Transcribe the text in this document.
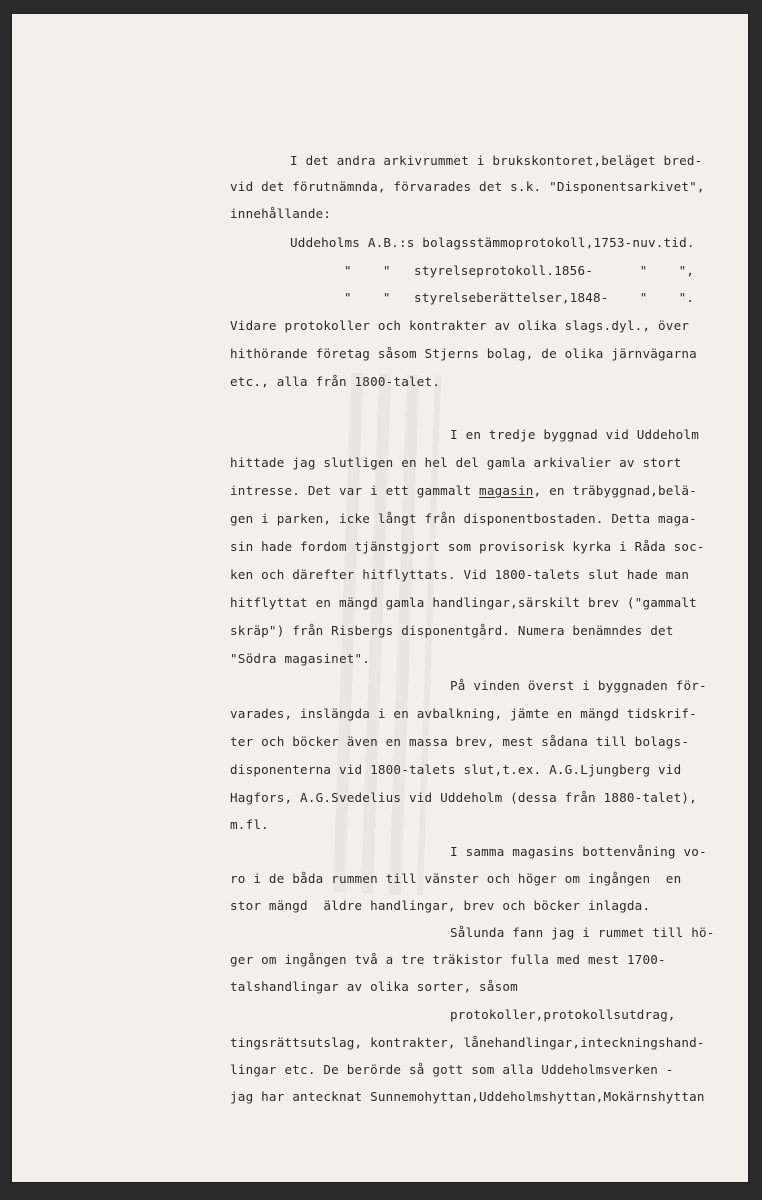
I det andra arkivrummet i brukskontoret,beläget bred-
vid det förutnämnda, förvarades det s.k. "Disponentsarkivet",
innehållande:
Uddeholms A.B.:s bolagsstämmoprotokoll,1753-nuv.tid.
"    "   styrelseprotokoll.1856-      "    ",
"    "   styrelseberättelser,1848-    "    ".
Vidare protokoller och kontrakter av olika slags.dyl., över
hithörande företag såsom Stjerns bolag, de olika järnvägarna
etc., alla från 1800-talet.
I en tredje byggnad vid Uddeholm
hittade jag slutligen en hel del gamla arkivalier av stort
intresse. Det var i ett gammalt magasin, en träbyggnad,belä-
gen i parken, icke långt från disponentbostaden. Detta maga-
sin hade fordom tjänstgjort som provisorisk kyrka i Råda soc-
ken och därefter hitflyttats. Vid 1800-talets slut hade man
hitflyttat en mängd gamla handlingar,särskilt brev ("gammalt
skräp") från Risbergs disponentgård. Numera benämndes det
"Södra magasinet".
På vinden överst i byggnaden för-
varades, inslängda i en avbalkning, jämte en mängd tidskrif-
ter och böcker även en massa brev, mest sådana till bolags-
disponenterna vid 1800-talets slut,t.ex. A.G.Ljungberg vid
Hagfors, A.G.Svedelius vid Uddeholm (dessa från 1880-talet),
m.fl.
I samma magasins bottenvåning vo-
ro i de båda rummen till vänster och höger om ingången  en
stor mängd  äldre handlingar, brev och böcker inlagda.
Sålunda fann jag i rummet till hö-
ger om ingången två a tre träkistor fulla med mest 1700-
talshandlingar av olika sorter, såsom
protokoller,protokollsutdrag,
tingsrättsutslag, kontrakter, lånehandlingar,inteckningshand-
lingar etc. De berörde så gott som alla Uddeholmsverken -
jag har antecknat Sunnemohyttan,Uddeholmshyttan,Mokärnshyttan
